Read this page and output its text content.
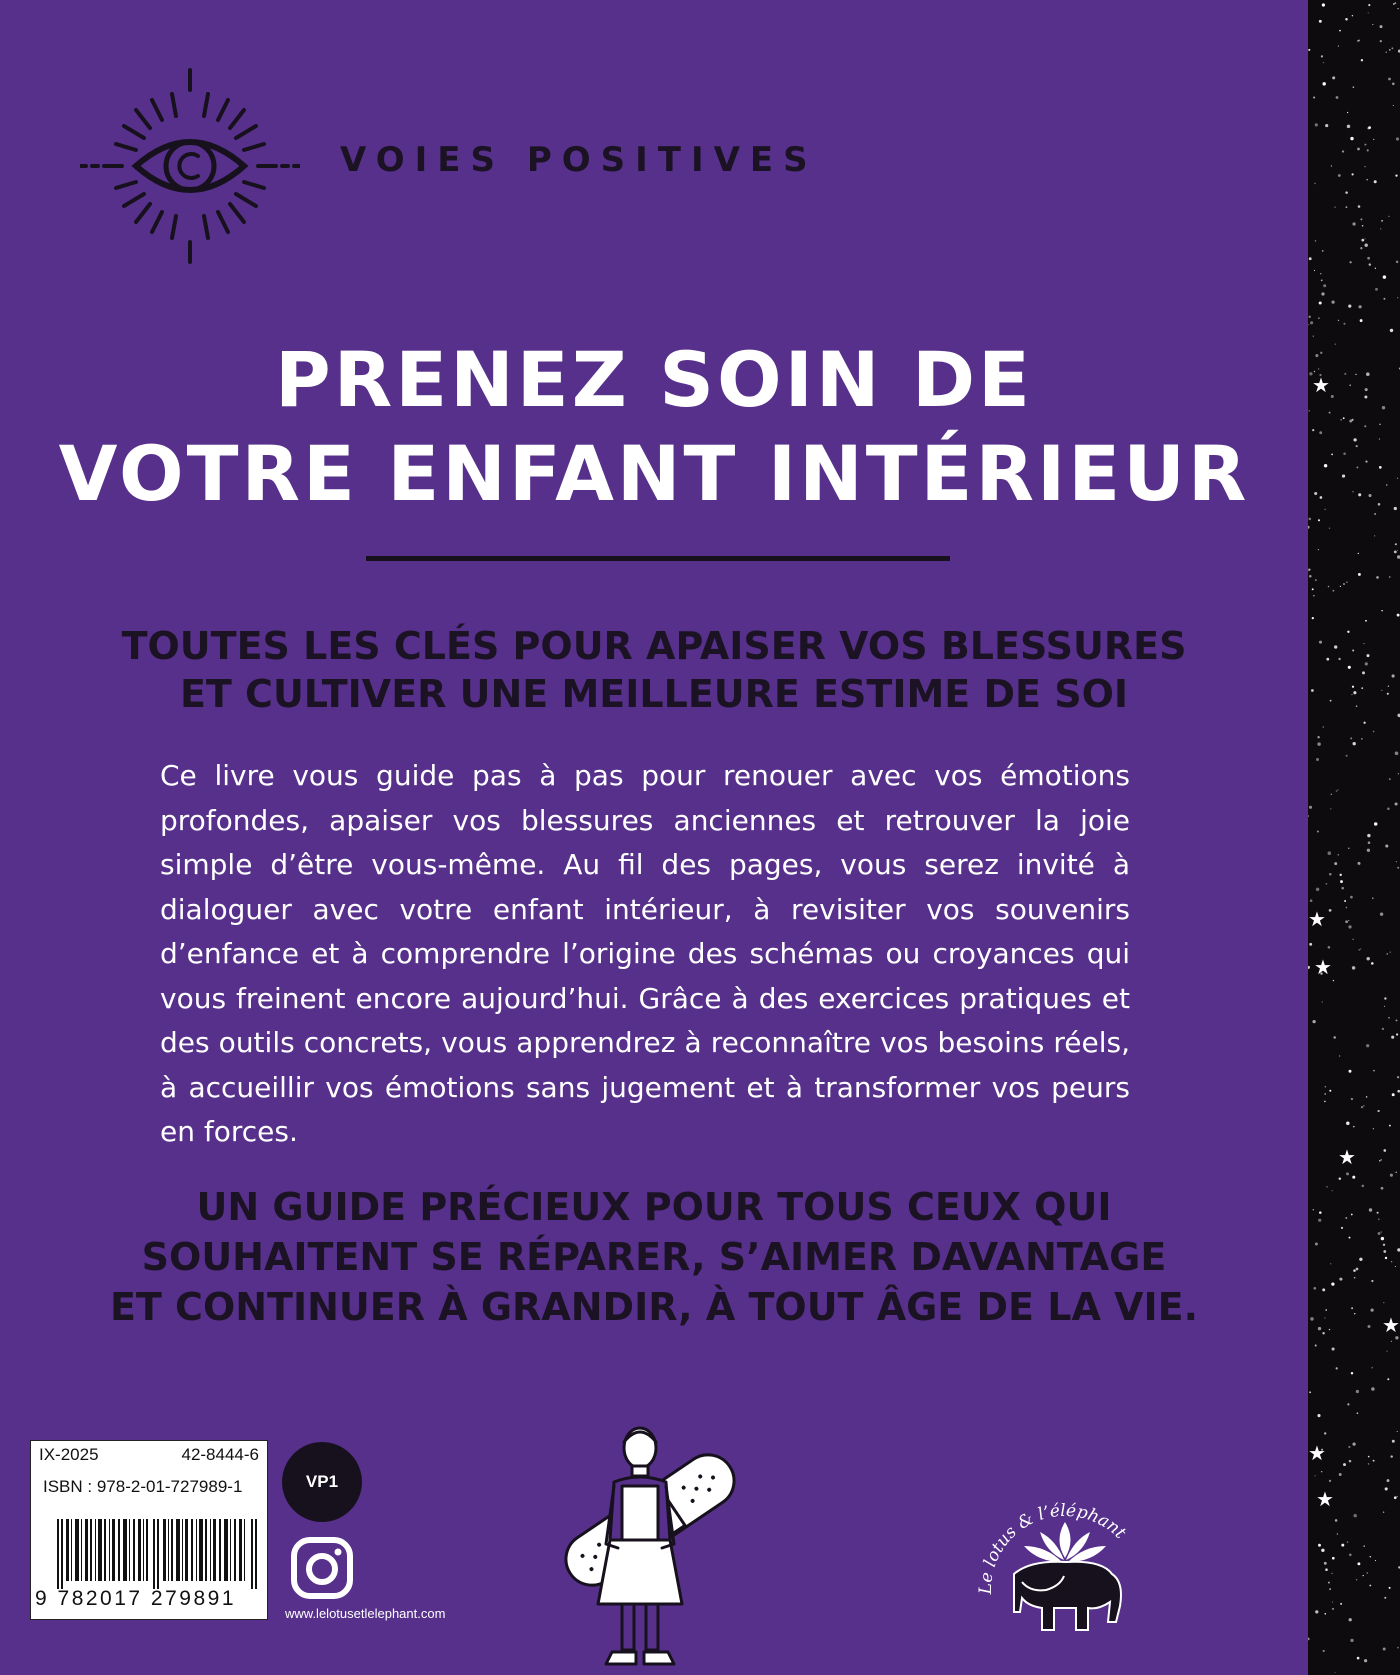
VOIES POSITIVES
PRENEZ SOIN DE
VOTRE ENFANT INTÉRIEUR
TOUTES LES CLÉS POUR APAISER VOS BLESSURES
ET CULTIVER UNE MEILLEURE ESTIME DE SOI
Ce livre vous guide pas à pas pour renouer avec vos émotions profondes, apaiser vos blessures anciennes et retrouver la joie simple d’être vous-même. Au fil des pages, vous serez invité à dialoguer avec votre enfant intérieur, à revisiter vos souvenirs d’enfance et à comprendre l’origine des schémas ou croyances qui vous freinent encore aujourd’hui. Grâce à des exercices pratiques et des outils concrets, vous apprendrez à reconnaître vos besoins réels, à accueillir vos émotions sans jugement et à transformer vos peurs en forces.
UN GUIDE PRÉCIEUX POUR TOUS CEUX QUI
SOUHAITENT SE RÉPARER, S’AIMER DAVANTAGE
ET CONTINUER À GRANDIR, À TOUT ÂGE DE LA VIE.
IX-2025	42-8444-6
ISBN : 978-2-01-727989-1
9 782017 279891
VP1
www.lelotusetlelephant.com
Le lotus & l’éléphant
★
★
★
★
★
★
★
